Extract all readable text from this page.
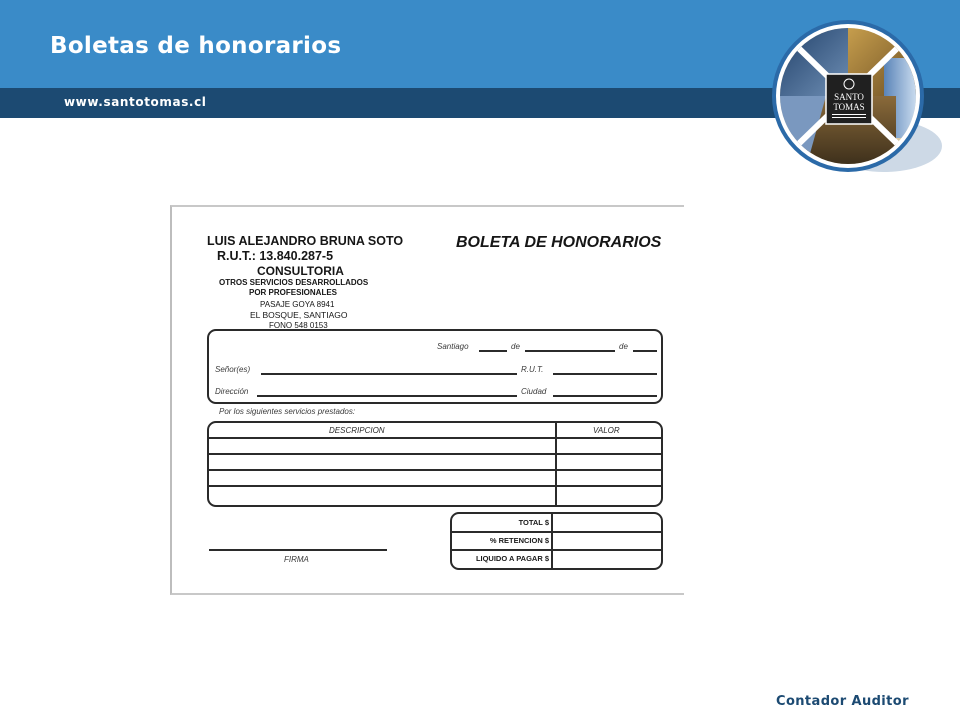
Boletas de honorarios
www.santotomas.cl	SANTO
TOMAS
LUIS ALEJANDRO BRUNA SOTO
R.U.T.: 13.840.287-5
CONSULTORIA
OTROS SERVICIOS DESARROLLADOS
POR PROFESIONALES
PASAJE GOYA 8941
EL BOSQUE, SANTIAGO
FONO 548 0153
BOLETA DE HONORARIOS
Santiago	de	de
Señor(es)	R.U.T.
Dirección	Ciudad
Por los siguientes servicios prestados:
DESCRIPCION	VALOR
TOTAL $
% RETENCION $
LIQUIDO A PAGAR $
FIRMA
Contador Auditor
